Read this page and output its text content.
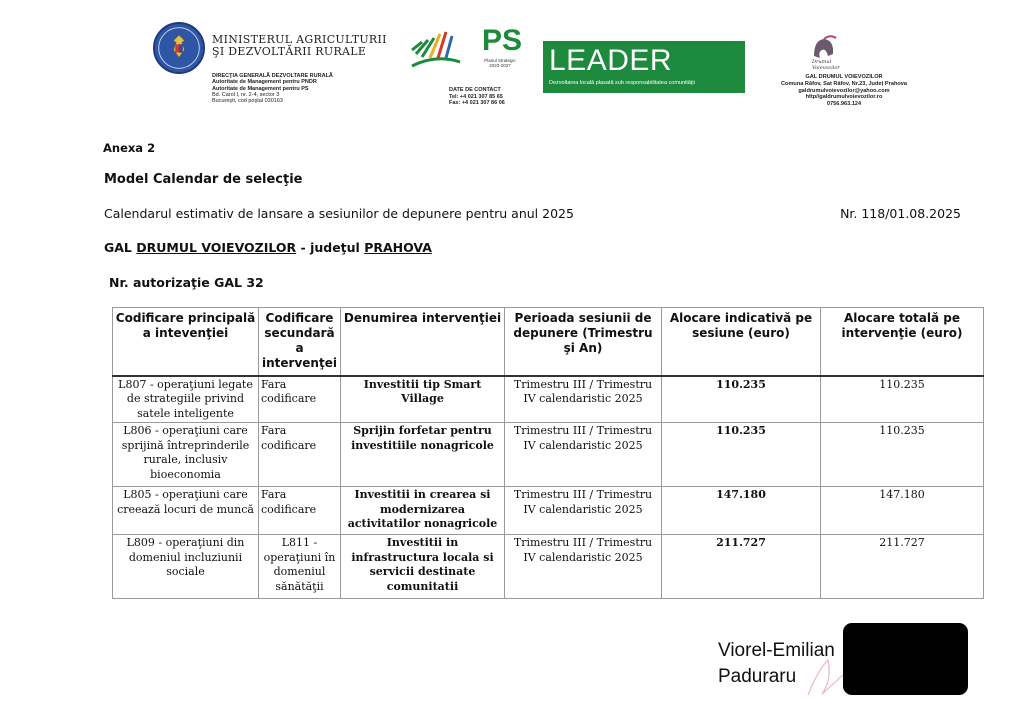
MINISTERUL AGRICULTURII
ŞI DEZVOLTĂRII RURALE
DIRECŢIA GENERALĂ DEZVOLTARE RURALĂ
Autoritate de Management pentru PNDR
Autoritate de Management pentru PS
Bd. Carol I, nr. 2-4, sector 3
Bucureşti, cod poştal 030163
PS
Planul Strategic
2023-2027
DATE DE CONTACT
Tel: +4 021 307 85 65
Fax: +4 021 307 86 06
LEADER
Dezvoltarea locală plasată sub responsabilitatea comunităţii
Drumul
Voievozilor
GAL DRUMUL VOIEVOZILOR
Comuna Râfov, Sat Râfov, Nr.23, Județ Prahova
galdrumulvoievozilor@yahoo.com
http//galdrumulvoievozilor.ro
0756.963.124
Anexa 2
Model Calendar de selecţie
Calendarul estimativ de lansare a sesiunilor de depunere pentru anul 2025	Nr. 118/01.08.2025
GAL DRUMUL VOIEVOZILOR - judeţul PRAHOVA
Nr. autorizaţie GAL 32
Codificare principală a intevenţiei	Codificare secundară a intervenţei	Denumirea intervenţiei	Perioada sesiunii de depunere (Trimestru şi An)	Alocare indicativă pe sesiune (euro)	Alocare totală pe intervenţie (euro)
L807 - operaţiuni legate de strategiile privind satele inteligente	Fara codificare	Investitii tip Smart Village	Trimestru III / Trimestru IV calendaristic 2025	110.235	110.235
L806 - operaţiuni care sprijină întreprinderile rurale, inclusiv bioeconomia	Fara codificare	Sprijin forfetar pentru investitiile nonagricole	Trimestru III / Trimestru IV calendaristic 2025	110.235	110.235
L805 - operaţiuni care creează locuri de muncă	Fara codificare	Investitii in crearea si modernizarea activitatilor nonagricole	Trimestru III / Trimestru IV calendaristic 2025	147.180	147.180
L809 - operaţiuni din domeniul incluziunii sociale	L811 - operaţiuni în domeniul sănătăţii	Investitii in infrastructura locala si servicii destinate comunitatii	Trimestru III / Trimestru IV calendaristic 2025	211.727	211.727
Viorel-Emilian
Paduraru
